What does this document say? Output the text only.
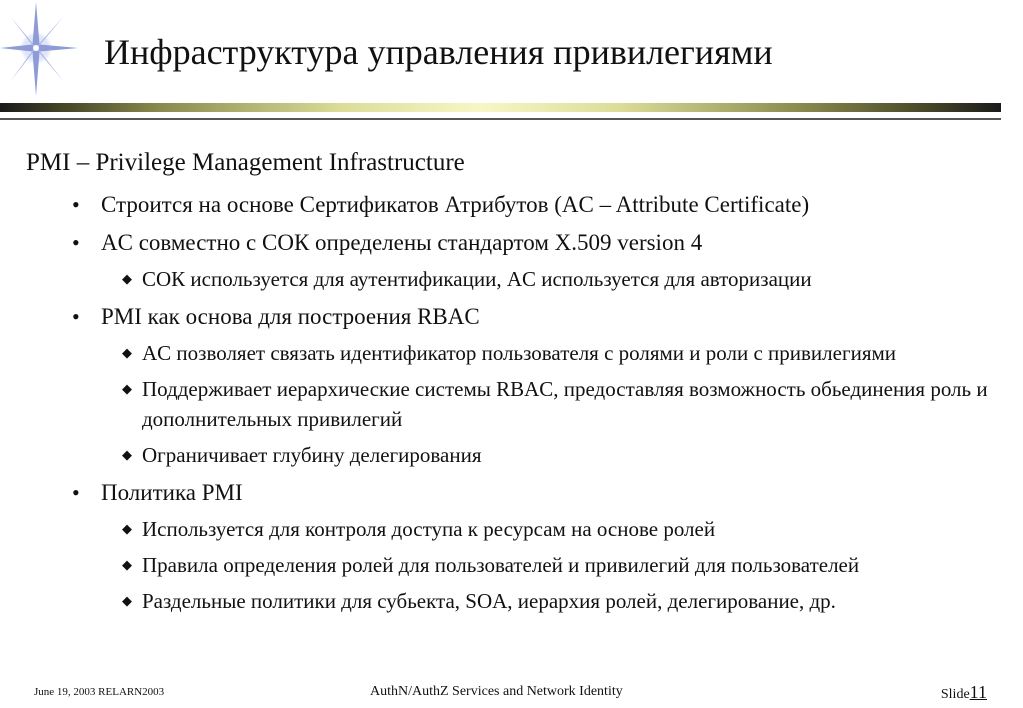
Инфраструктура управления привилегиями
PMI – Privilege Management Infrastructure
• Строится на основе Сертификатов Атрибутов (AC – Attribute Certificate)
• AC совместно с СОК определены стандартом X.509 version 4
◆ СОК используется для аутентификации, AC используется для авторизации
• PMI как основа для построения RBAC
◆ AC позволяет связать идентификатор пользователя с ролями и роли с привилегиями
◆ Поддерживает иерархические системы RBAC, предоставляя возможность обьединения роль и дополнительных привилегий
◆ Ограничивает глубину делегирования
• Политика PMI
◆ Используется для контроля доступа к ресурсам на основе ролей
◆ Правила определения ролей для пользователей и привилегий для пользователей
◆ Раздельные политики для субьекта, SOA, иерархия ролей, делегирование, др.
June 19, 2003 RELARN2003	AuthN/AuthZ Services and Network Identity	Slide11
